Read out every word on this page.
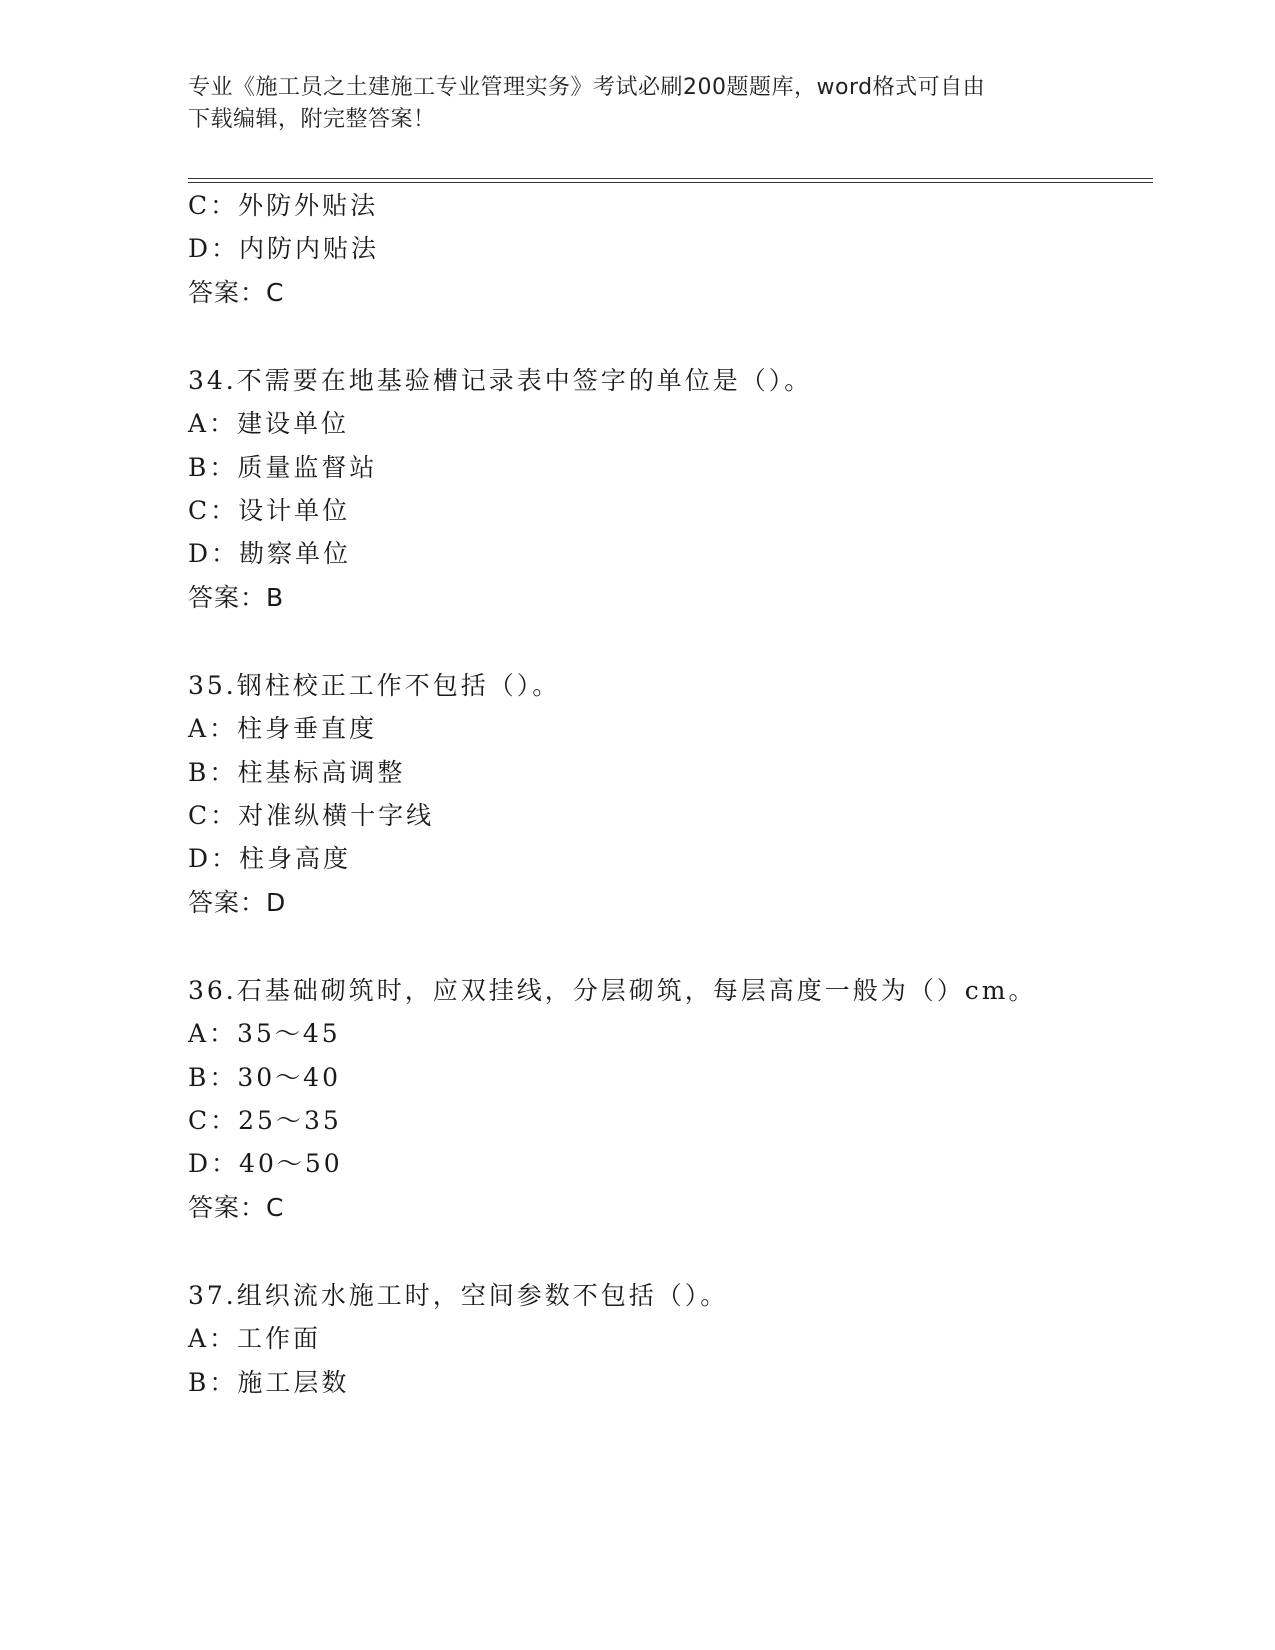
专业《施工员之土建施工专业管理实务》考试必刷200题题库，word格式可自由
下载编辑，附完整答案！
C：外防外贴法
D：内防内贴法
答案：C
34.不需要在地基验槽记录表中签字的单位是（）。
A：建设单位
B：质量监督站
C：设计单位
D：勘察单位
答案：B
35.钢柱校正工作不包括（）。
A：柱身垂直度
B：柱基标高调整
C：对准纵横十字线
D：柱身高度
答案：D
36.石基础砌筑时，应双挂线，分层砌筑，每层高度一般为（）cm。
A：35～45
B：30～40
C：25～35
D：40～50
答案：C
37.组织流水施工时，空间参数不包括（）。
A：工作面
B：施工层数
